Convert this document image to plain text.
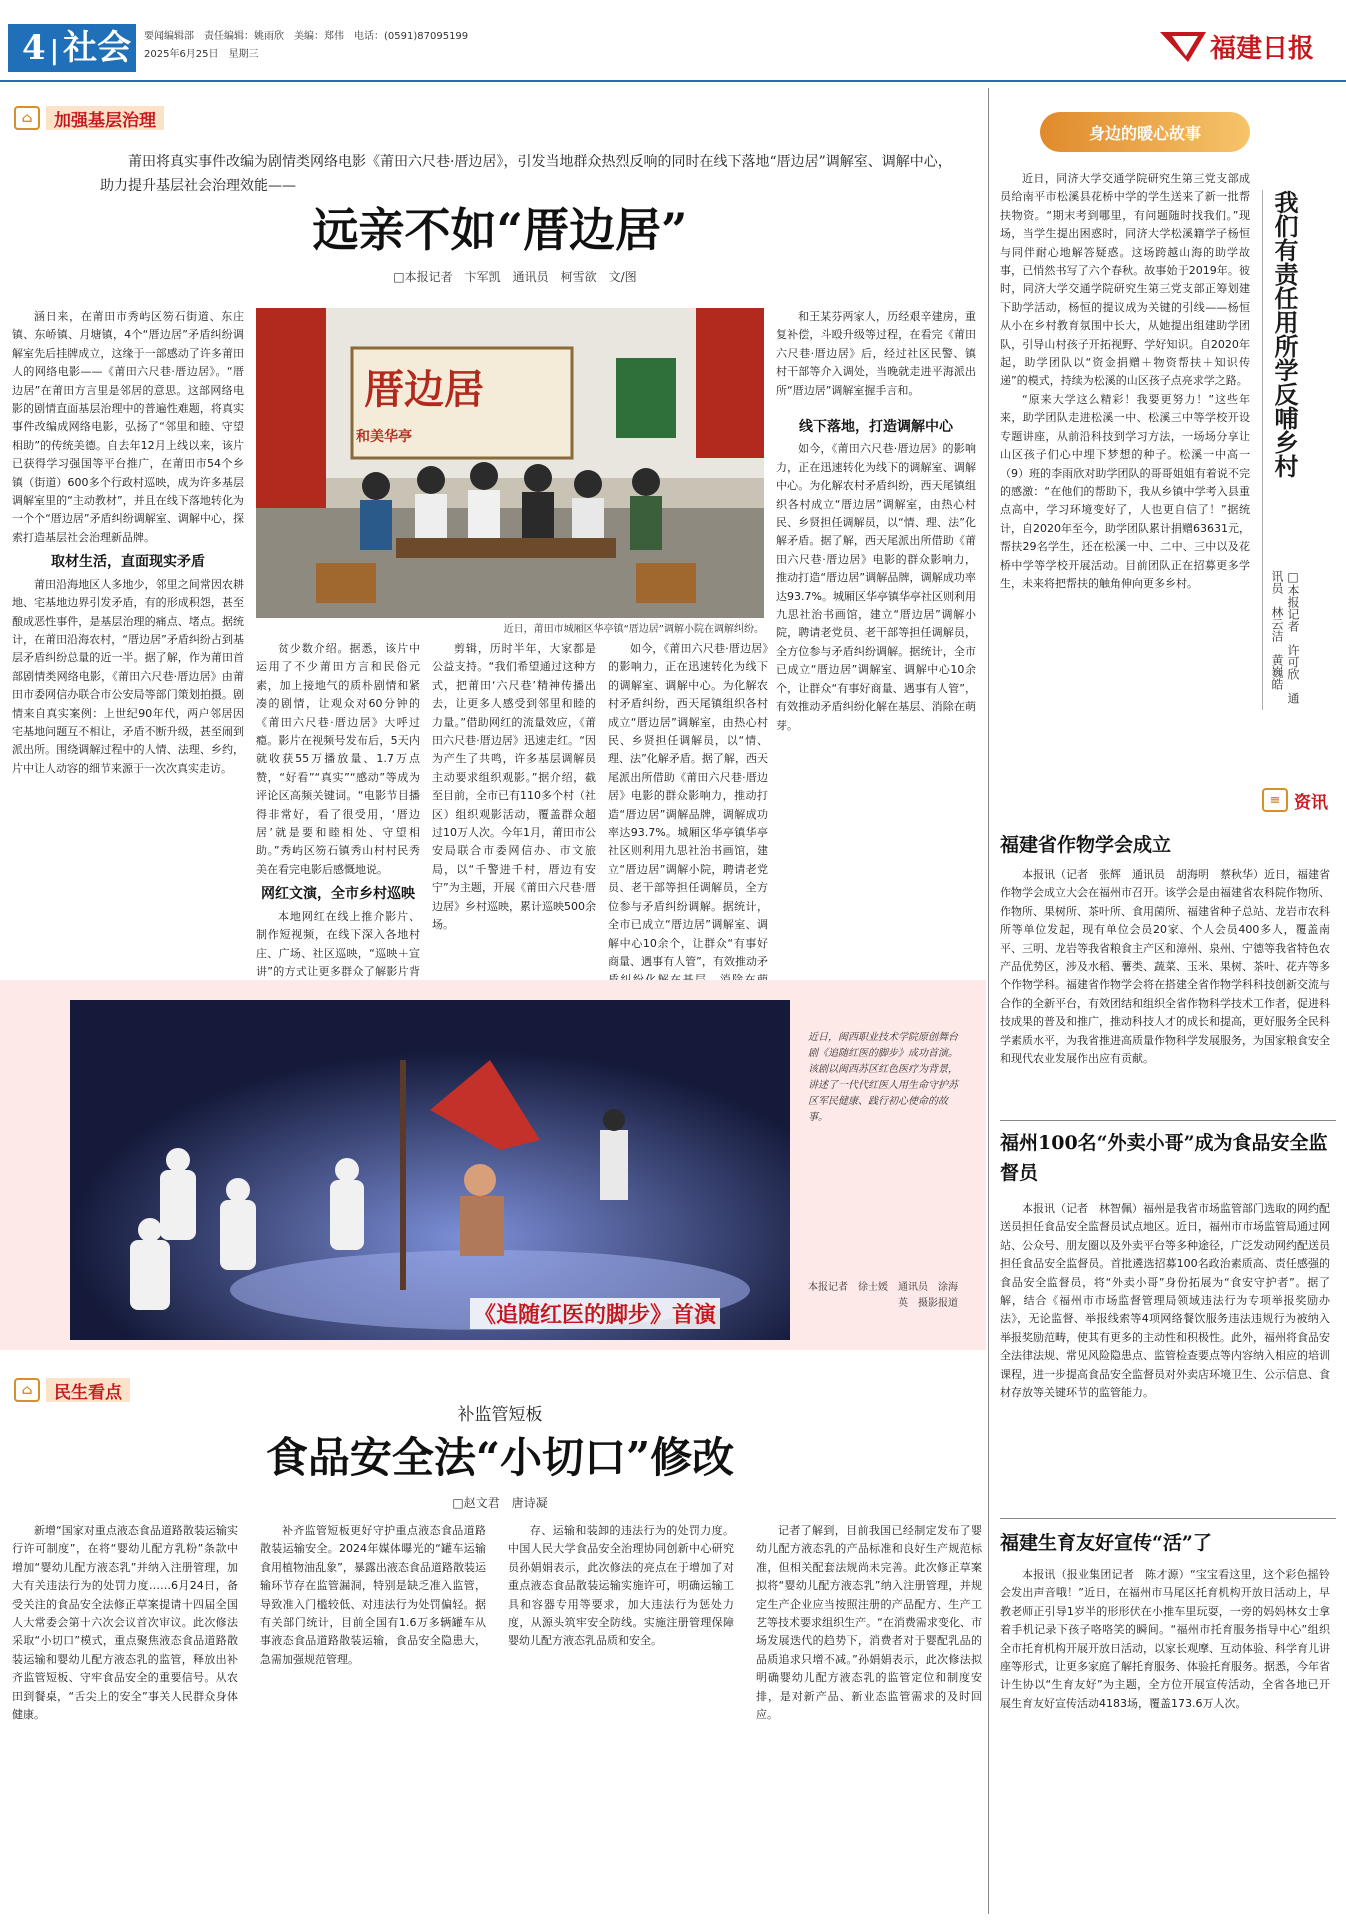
4 | 社会	要闻编辑部　责任编辑：姚雨欣　美编：郑伟　电话：(0591)87095199
2025年6月25日　星期三	福建日报
⌂	加强基层治理
莆田将真实事件改编为剧情类网络电影《莆田六尺巷·厝边居》，引发当地群众热烈反响的同时在线下落地“厝边居”调解室、调解中心，助力提升基层社会治理效能——
远亲不如“厝边居”
□本报记者　卞军凯　通讯员　柯雪欲　文/图

涵日来，在莆田市秀屿区笏石街道、东庄镇、东峤镇、月塘镇，4个“厝边居”矛盾纠纷调解室先后挂牌成立，这缘于一部感动了许多莆田人的网络电影——《莆田六尺巷·厝边居》。“厝边居”在莆田方言里是邻居的意思。这部网络电影的剧情直面基层治理中的普遍性难题，将真实事件改编成网络电影，弘扬了“邻里和睦、守望相助”的传统美德。自去年12月上线以来，该片已获得学习强国等平台推广，在莆田市54个乡镇（街道）600多个行政村巡映，成为许多基层调解室里的“主动教材”，并且在线下落地转化为一个个“厝边居”矛盾纠纷调解室、调解中心，探索打造基层社会治理新品牌。

取材生活，直面现实矛盾

莆田沿海地区人多地少，邻里之间常因农耕地、宅基地边界引发矛盾，有的形成积怨，甚至酿成恶性事件，是基层治理的痛点、堵点。据统计，在莆田沿海农村，“厝边居”矛盾纠纷占到基层矛盾纠纷总量的近一半。据了解，作为莆田首部剧情类网络电影，《莆田六尺巷·厝边居》由莆田市委网信办联合市公安局等部门策划拍摄。剧情来自真实案例：上世纪90年代，两户邻居因宅基地问题互不相让，矛盾不断升级，甚至闹到派出所。围绕调解过程中的人情、法理、乡约，片中让人动容的细节来源于一次次真实走访。

厝边居
和美华亭
近日，莆田市城厢区华亭镇“厝边居”调解小院在调解纠纷。

贫少数介绍。据悉，该片中运用了不少莆田方言和民俗元素，加上接地气的质朴剧情和紧凑的剧情，让观众对60分钟的《莆田六尺巷·厝边居》大呼过瘾。影片在视频号发布后，5天内就收获55万播放量、1.7万点赞，“好看”“真实”“感动”等成为评论区高频关键词。“电影节目播得非常好，看了很受用，‘厝边居’就是要和睦相处、守望相助。”秀屿区笏石镇秀山村村民秀美在看完电影后感慨地说。

网红文演，全市乡村巡映

本地网红在线上推介影片、制作短视频，在线下深入各地村庄、广场、社区巡映，“巡映＋宣讲”的方式让更多群众了解影片背

剪辑，历时半年，大家都是公益支持。“我们希望通过这种方式，把莆田‘六尺巷’精神传播出去，让更多人感受到邻里和睦的力量。”借助网红的流量效应，《莆田六尺巷·厝边居》迅速走红。“因为产生了共鸣，许多基层调解员主动要求组织观影。”据介绍，截至目前，全市已有110多个村（社区）组织观影活动，覆盖群众超过10万人次。今年1月，莆田市公安局联合市委网信办、市文旅局，以“千警进千村，厝边有安宁”为主题，开展《莆田六尺巷·厝边居》乡村巡映，累计巡映500余场。

和王某芬两家人，历经艰辛建房，重复补偿，斗殴升级等过程，在看完《莆田六尺巷·厝边居》后，经过社区民警、镇村干部等介入调处，当晚就走进平海派出所“厝边居”调解室握手言和。

如今，《莆田六尺巷·厝边居》的影响力，正在迅速转化为线下的调解室、调解中心。为化解农村矛盾纠纷，西天尾镇组织各村成立“厝边居”调解室，由热心村民、乡贤担任调解员，以“情、理、法”化解矛盾。据了解，西天尾派出所借助《莆田六尺巷·厝边居》电影的群众影响力，推动打造“厝边居”调解品牌，调解成功率达93.7%。城厢区华亭镇华亭社区则利用九思社治书画馆，建立“厝边居”调解小院，聘请老党员、老干部等担任调解员，全方位参与矛盾纠纷调解。据统计，全市已成立“厝边居”调解室、调解中心10余个，让群众“有事好商量、遇事有人管”，有效推动矛

线下落地，打造调解中心

如今，《莆田六尺巷·厝边居》的影响力，正在迅速转化为线下的调解室、调解中心。为化解农村矛盾纠纷，西天尾镇组织各村成立“厝边居”调解室，由热心村民、乡贤担任调解员，以“情、理、法”化解矛盾。据了解，西天尾派出所借助《莆田六尺巷·厝边居》电影的群众影响力，推动打造“厝边居”调解品牌，调解成功率达93.7%。城厢区华亭镇华亭社区则利用九思社治书画馆，建立“厝边居”调解小院，聘请老党员、老干部等担任调解员，全方位参与矛盾纠纷调解。据统计，全市已成立“厝边居”调解室、调解中心10余个，让群众“有事好商量、遇事有人管”，有效推动矛盾纠纷化解在基层、消除在萌芽。

《追随红医的脚步》首演
近日，闽西职业技术学院原创舞台剧《追随红医的脚步》成功首演。该剧以闽西苏区红色医疗为背景，讲述了一代代红医人用生命守护苏区军民健康、践行初心使命的故事。
本报记者　徐士媛　通讯员　涂海英　摄影报道
⌂	民生看点
补监管短板
食品安全法“小切口”修改
□赵文君　唐诗凝

新增“国家对重点液态食品道路散装运输实行许可制度”，在将“婴幼儿配方乳粉”条款中增加“婴幼儿配方液态乳”并纳入注册管理，加大有关违法行为的处罚力度……6月24日，备受关注的食品安全法修正草案提请十四届全国人大常委会第十六次会议首次审议。此次修法采取“小切口”模式，重点聚焦液态食品道路散装运输和婴幼儿配方液态乳的监管，释放出补齐监管短板、守牢食品安全的重要信号。从农田到餐桌，“舌尖上的安全”事关人民群众身体健康。

补齐监管短板更好守护重点液态食品道路散装运输安全。2024年媒体曝光的“罐车运输食用植物油乱象”，暴露出液态食品道路散装运输环节存在监管漏洞，特别是缺乏准入监管，导致准入门槛较低、对违法行为处罚偏轻。据有关部门统计，目前全国有1.6万多辆罐车从事液态食品道路散装运输，食品安全隐患大，急需加强规范管理。

存、运输和装卸的违法行为的处罚力度。中国人民大学食品安全治理协同创新中心研究员孙娟娟表示，此次修法的亮点在于增加了对重点液态食品散装运输实施许可，明确运输工具和容器专用等要求，加大违法行为惩处力度，从源头筑牢安全防线。实施注册管理保障婴幼儿配方液态乳品质和安全。

记者了解到，目前我国已经制定发布了婴幼儿配方液态乳的产品标准和良好生产规范标准，但相关配套法规尚未完善。此次修正草案拟将“婴幼儿配方液态乳”纳入注册管理，并规定生产企业应当按照注册的产品配方、生产工艺等技术要求组织生产。“在消费需求变化、市场发展迭代的趋势下，消费者对于婴配乳品的品质追求只增不减。”孙娟娟表示，此次修法拟明确婴幼儿配方液态乳的监管定位和制度安排，是对新产品、新业态监管需求的及时回应。

身边的暖心故事

近日，同济大学交通学院研究生第三党支部成员给南平市松溪县花桥中学的学生送来了新一批帮扶物资。“期末考到哪里，有问题随时找我们。”现场，当学生提出困惑时，同济大学松溪籍学子杨恒与同伴耐心地解答疑惑。这场跨越山海的助学故事，已悄然书写了六个春秋。故事始于2019年。彼时，同济大学交通学院研究生第三党支部正筹划建下助学活动，杨恒的提议成为关键的引线——杨恒从小在乡村教育氛围中长大，从她提出组建助学团队，引导山村孩子开拓视野、学好知识。自2020年起，助学团队以“资金捐赠＋物资帮扶＋知识传递”的模式，持续为松溪的山区孩子点亮求学之路。

“原来大学这么精彩！我要更努力！”这些年来，助学团队走进松溪一中、松溪三中等学校开设专题讲座，从前沿科技到学习方法，一场场分享让山区孩子们心中埋下梦想的种子。松溪一中高一（9）班的李雨欣对助学团队的哥哥姐姐有着说不完的感激：“在他们的帮助下，我从乡镇中学考入县重点高中，学习环境变好了，人也更自信了！”据统计，自2020年至今，助学团队累计捐赠63631元，帮扶29名学生，还在松溪一中、二中、三中以及花桥中学等学校开展活动。目前团队正在招募更多学生，未来将把帮扶的触角伸向更多乡村。

我们有责任用所学反哺乡村
□本报记者　许可欣　通讯员　林云洁　黄巍皓
≡ 资讯
福建省作物学会成立

本报讯（记者　张辉　通讯员　胡海明　蔡秋华）近日，福建省作物学会成立大会在福州市召开。该学会是由福建省农科院作物所、作物所、果树所、茶叶所、食用菌所、福建省种子总站、龙岩市农科所等单位发起，现有单位会员20家、个人会员400多人，覆盖南平、三明、龙岩等我省粮食主产区和漳州、泉州、宁德等我省特色农产品优势区，涉及水稻、薯类、蔬菜、玉米、果树、茶叶、花卉等多个作物学科。福建省作物学会将在搭建全省作物学科科技创新交流与合作的全新平台，有效团结和组织全省作物科学技术工作者，促进科技成果的普及和推广，推动科技人才的成长和提高，更好服务全民科学素质水平，为我省推进高质量作物科学发展服务，为国家粮食安全和现代农业发展作出应有贡献。

福州100名“外卖小哥”成为食品安全监督员

本报讯（记者　林智佩）福州是我省市场监管部门选取的网约配送员担任食品安全监督员试点地区。近日，福州市市场监管局通过网站、公众号、朋友圈以及外卖平台等多种途径，广泛发动网约配送员担任食品安全监督员。首批遴选招募100名政治素质高、责任感强的食品安全监督员，将“外卖小哥”身份拓展为“食安守护者”。据了解，结合《福州市市场监督管理局领域违法行为专项举报奖励办法》，无论监督、举报线索等4项网络餐饮服务违法违规行为被纳入举报奖励范畴，使其有更多的主动性和积极性。此外，福州将食品安全法律法规、常见风险隐患点、监管检查要点等内容纳入相应的培训课程，进一步提高食品安全监督员对外卖店环境卫生、公示信息、食材存放等关键环节的监管能力。

福建生育友好宣传“活”了

本报讯（报业集团记者　陈才源）“宝宝看这里，这个彩色摇铃会发出声音哦！”近日，在福州市马尾区托育机构开放日活动上，早教老师正引导1岁半的形形伏在小推车里玩耍，一旁的妈妈林女士拿着手机记录下孩子咯咯笑的瞬间。“福州市托育服务指导中心”组织全市托育机构开展开放日活动，以家长观摩、互动体验、科学育儿讲座等形式，让更多家庭了解托育服务、体验托育服务。据悉，今年省计生协以“生育友好”为主题，全方位开展宣传活动，全省各地已开展生育友好宣传活动4183场，覆盖173.6万人次。
